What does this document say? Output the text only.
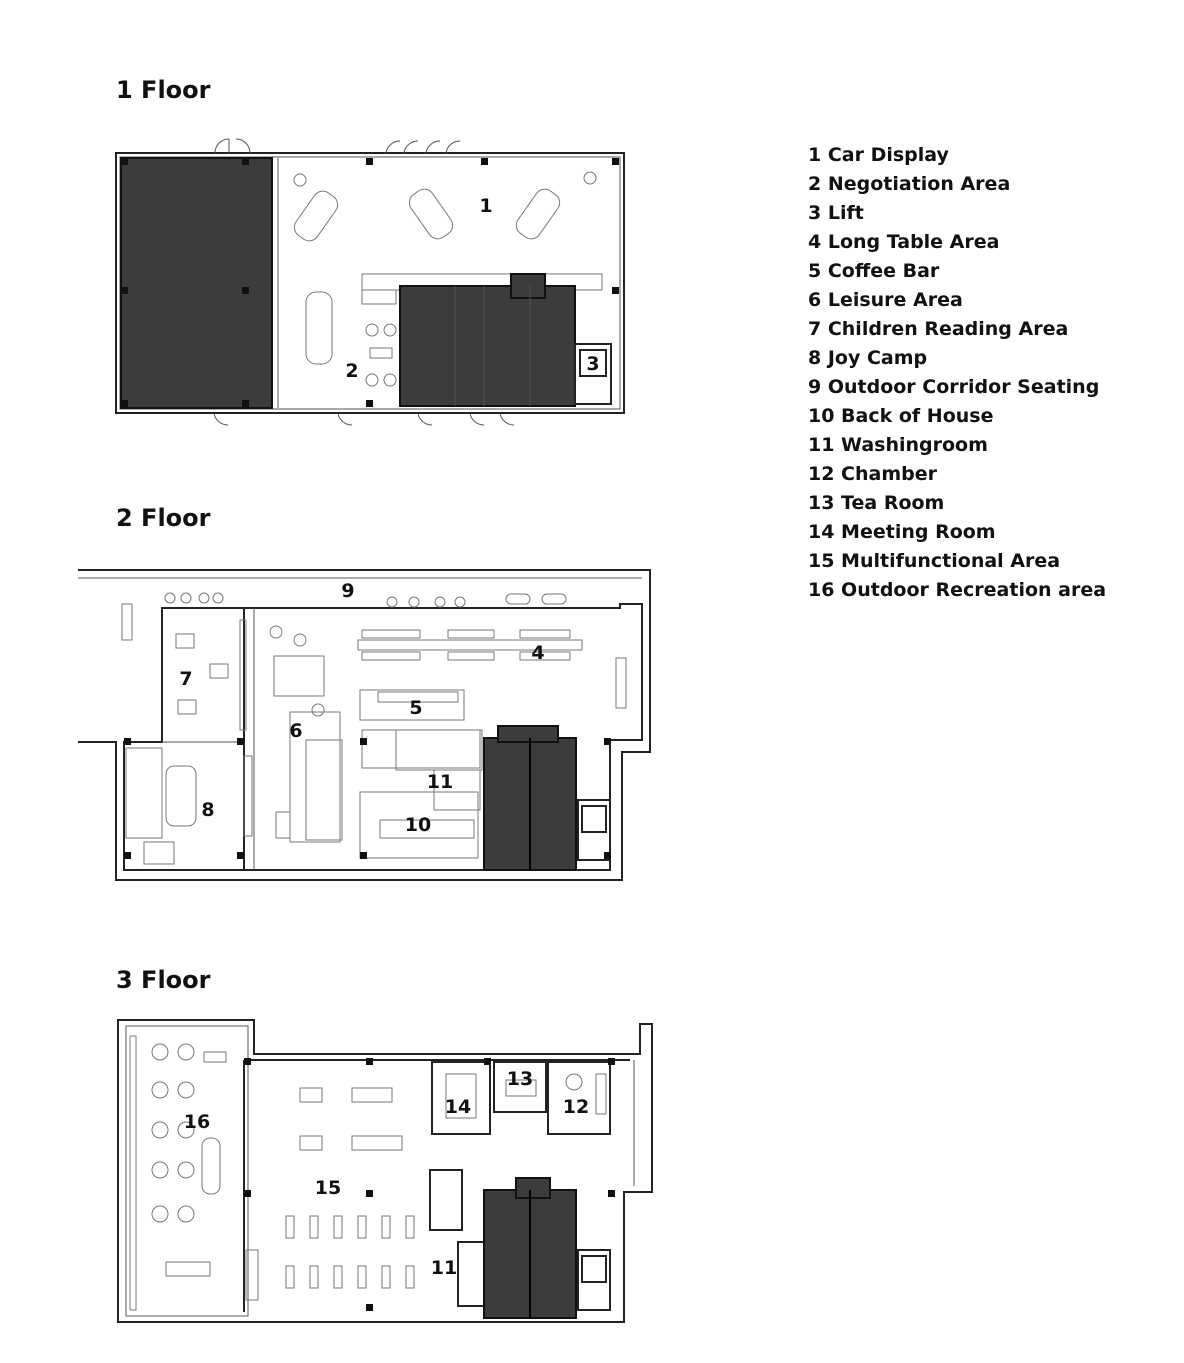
1 Floor
2 Floor
3 Floor
1 Car Display
2 Negotiation Area
3 Lift
4 Long Table Area
5 Coffee Bar
6 Leisure Area
7 Children Reading Area
8 Joy Camp
9 Outdoor Corridor Seating
10 Back of House
11 Washingroom
12 Chamber
13 Tea Room
14 Meeting Room
15 Multifunctional Area
16 Outdoor Recreation area
1
2	3
9
7
4
5
6
11
8
10
13
14	12
16
15
11
